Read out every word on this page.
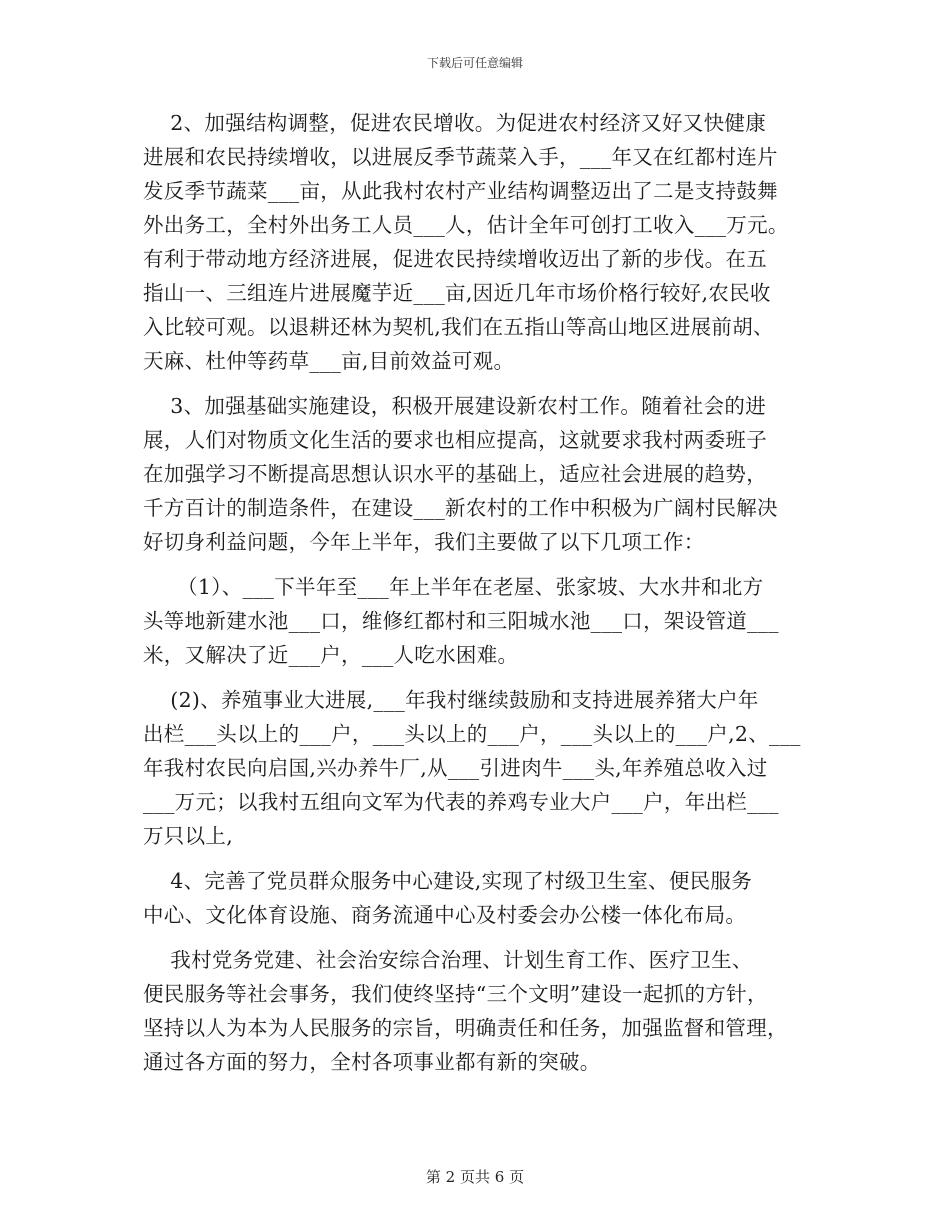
下载后可任意编辑
2、加强结构调整，促进农民增收。为促进农村经济又好又快健康
进展和农民持续增收，以进展反季节蔬菜入手，___年又在红都村连片
发反季节蔬菜___亩，从此我村农村产业结构调整迈出了二是支持鼓舞
外出务工，全村外出务工人员___人，估计全年可创打工收入___万元。
有利于带动地方经济进展，促进农民持续增收迈出了新的步伐。在五
指山一、三组连片进展魔芋近___亩,因近几年市场价格行较好,农民收
入比较可观。以退耕还林为契机,我们在五指山等高山地区进展前胡、
天麻、杜仲等药草___亩,目前效益可观。
3、加强基础实施建设，积极开展建设新农村工作。随着社会的进
展，人们对物质文化生活的要求也相应提高，这就要求我村两委班子
在加强学习不断提高思想认识水平的基础上，适应社会进展的趋势，
千方百计的制造条件，在建设___新农村的工作中积极为广阔村民解决
好切身利益问题，今年上半年，我们主要做了以下几项工作：
（1）、___下半年至___年上半年在老屋、张家坡、大水井和北方
头等地新建水池___口，维修红都村和三阳城水池___口，架设管道___
米，又解决了近___户，___人吃水困难。
(2)、养殖事业大进展,___年我村继续鼓励和支持进展养猪大户年
出栏___头以上的___户，___头以上的___户，___头以上的___户,2、___
年我村农民向启国,兴办养牛厂,从___引进肉牛___头,年养殖总收入过
___万元；以我村五组向文军为代表的养鸡专业大户___户，年出栏___
万只以上,
4、完善了党员群众服务中心建设,实现了村级卫生室、便民服务
中心、文化体育设施、商务流通中心及村委会办公楼一体化布局。
我村党务党建、社会治安综合治理、计划生育工作、医疗卫生、
便民服务等社会事务，我们使终坚持“三个文明”建设一起抓的方针，
坚持以人为本为人民服务的宗旨，明确责任和任务，加强监督和管理，
通过各方面的努力，全村各项事业都有新的突破。
第 2 页共 6 页
